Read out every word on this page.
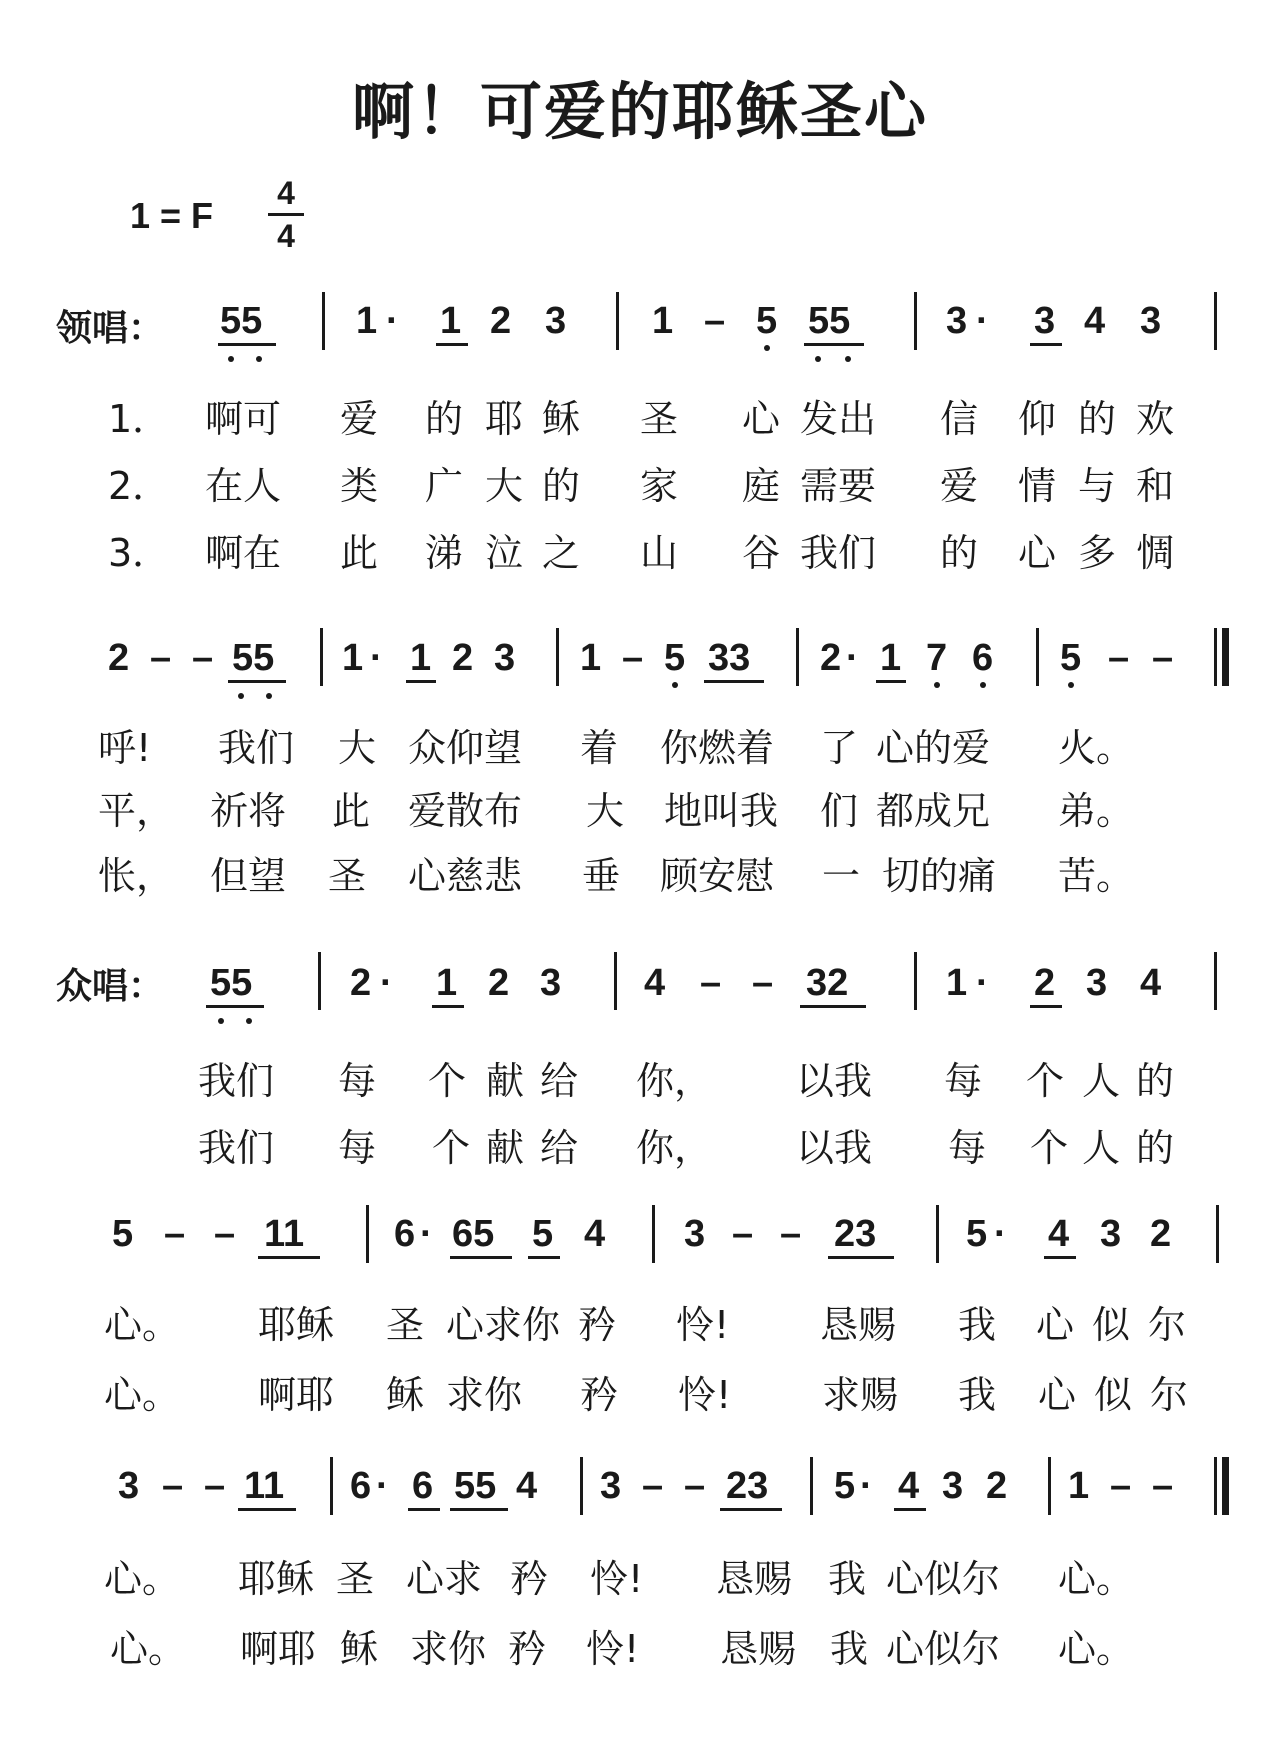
啊！可爱的耶稣圣心
1 = F
4
4
领唱：
众唱：
55 1 · 1 2 3 1 – 5 55	3 · 3 4 3
1． 啊可 爱 的 耶 稣 圣 心 发出 信 仰 的 欢
2． 在人 类 广 大 的 家 庭 需要 爱 情 与 和
3． 啊在 此 涕 泣 之 山 谷 我们 的 心 多 惆
2 – – 55 1 · 1 2 3 1 – 5 33 2 · 1 7 6 5 – –
呼! 我们 大 众仰望 着 你燃着 了 心的爱 火。
平， 祈将 此 爱散布 大 地叫我 们 都成兄 弟。
怅， 但望 圣 心慈悲 垂 顾安慰 一 切的痛 苦。
55	2 · 1 2 3 4 – – 32	1 · 2 3 4
我们 每 个 献 给 你， 以我 每 个 人 的
我们 每 个 献 给 你， 以我 每 个 人 的
5 – – 11 6 · 65 5 4 3 – – 23 5 · 4 3 2
心。 耶稣 圣 心求你 矜 怜! 恳赐 我 心 似 尔
心。 啊耶 稣 求你 矜 怜! 求赐 我 心 似 尔
3 – – 11 6 · 6 55 4 3 – – 23 5 · 4 3 2 1 – –
心。 耶稣 圣 心求 矜 怜! 恳赐 我 心似尔 心。
心。 啊耶 稣 求你 矜 怜! 恳赐 我 心似尔 心。
